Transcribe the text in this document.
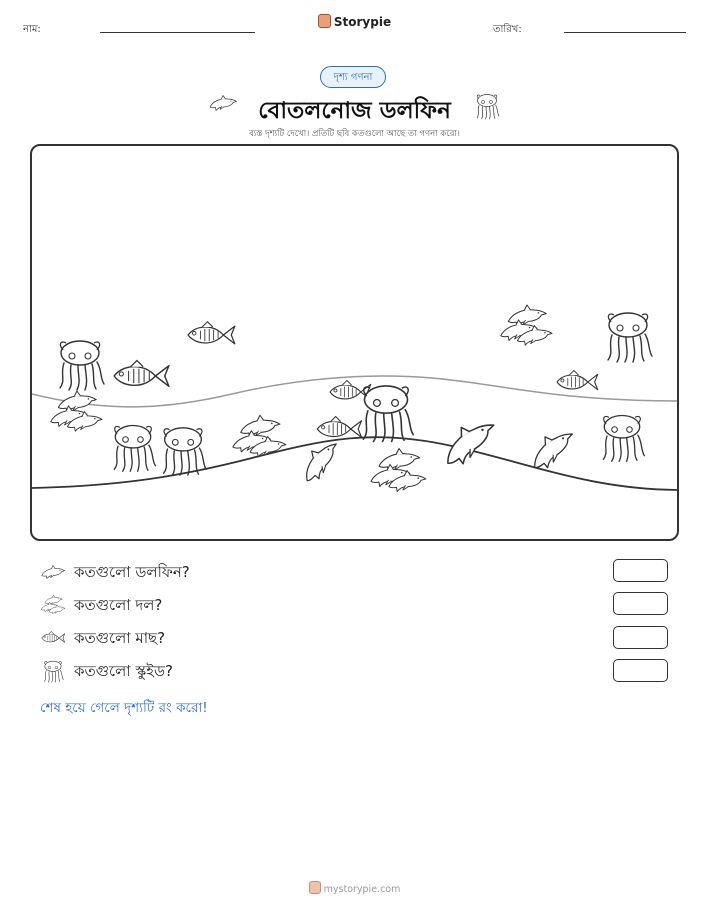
নাম:
Storypie
তারিখ:
দৃশ্য গণনা
বোতলনোজ ডলফিন
ব্যস্ত দৃশ্যটি দেখো। প্রতিটি ছবি কতগুলো আছে তা গণনা করো।
কতগুলো ডলফিন?
কতগুলো দল?
কতগুলো মাছ?
কতগুলো স্কুইড?
শেষ হয়ে গেলে দৃশ্যটি রং করো!
mystorypie.com
